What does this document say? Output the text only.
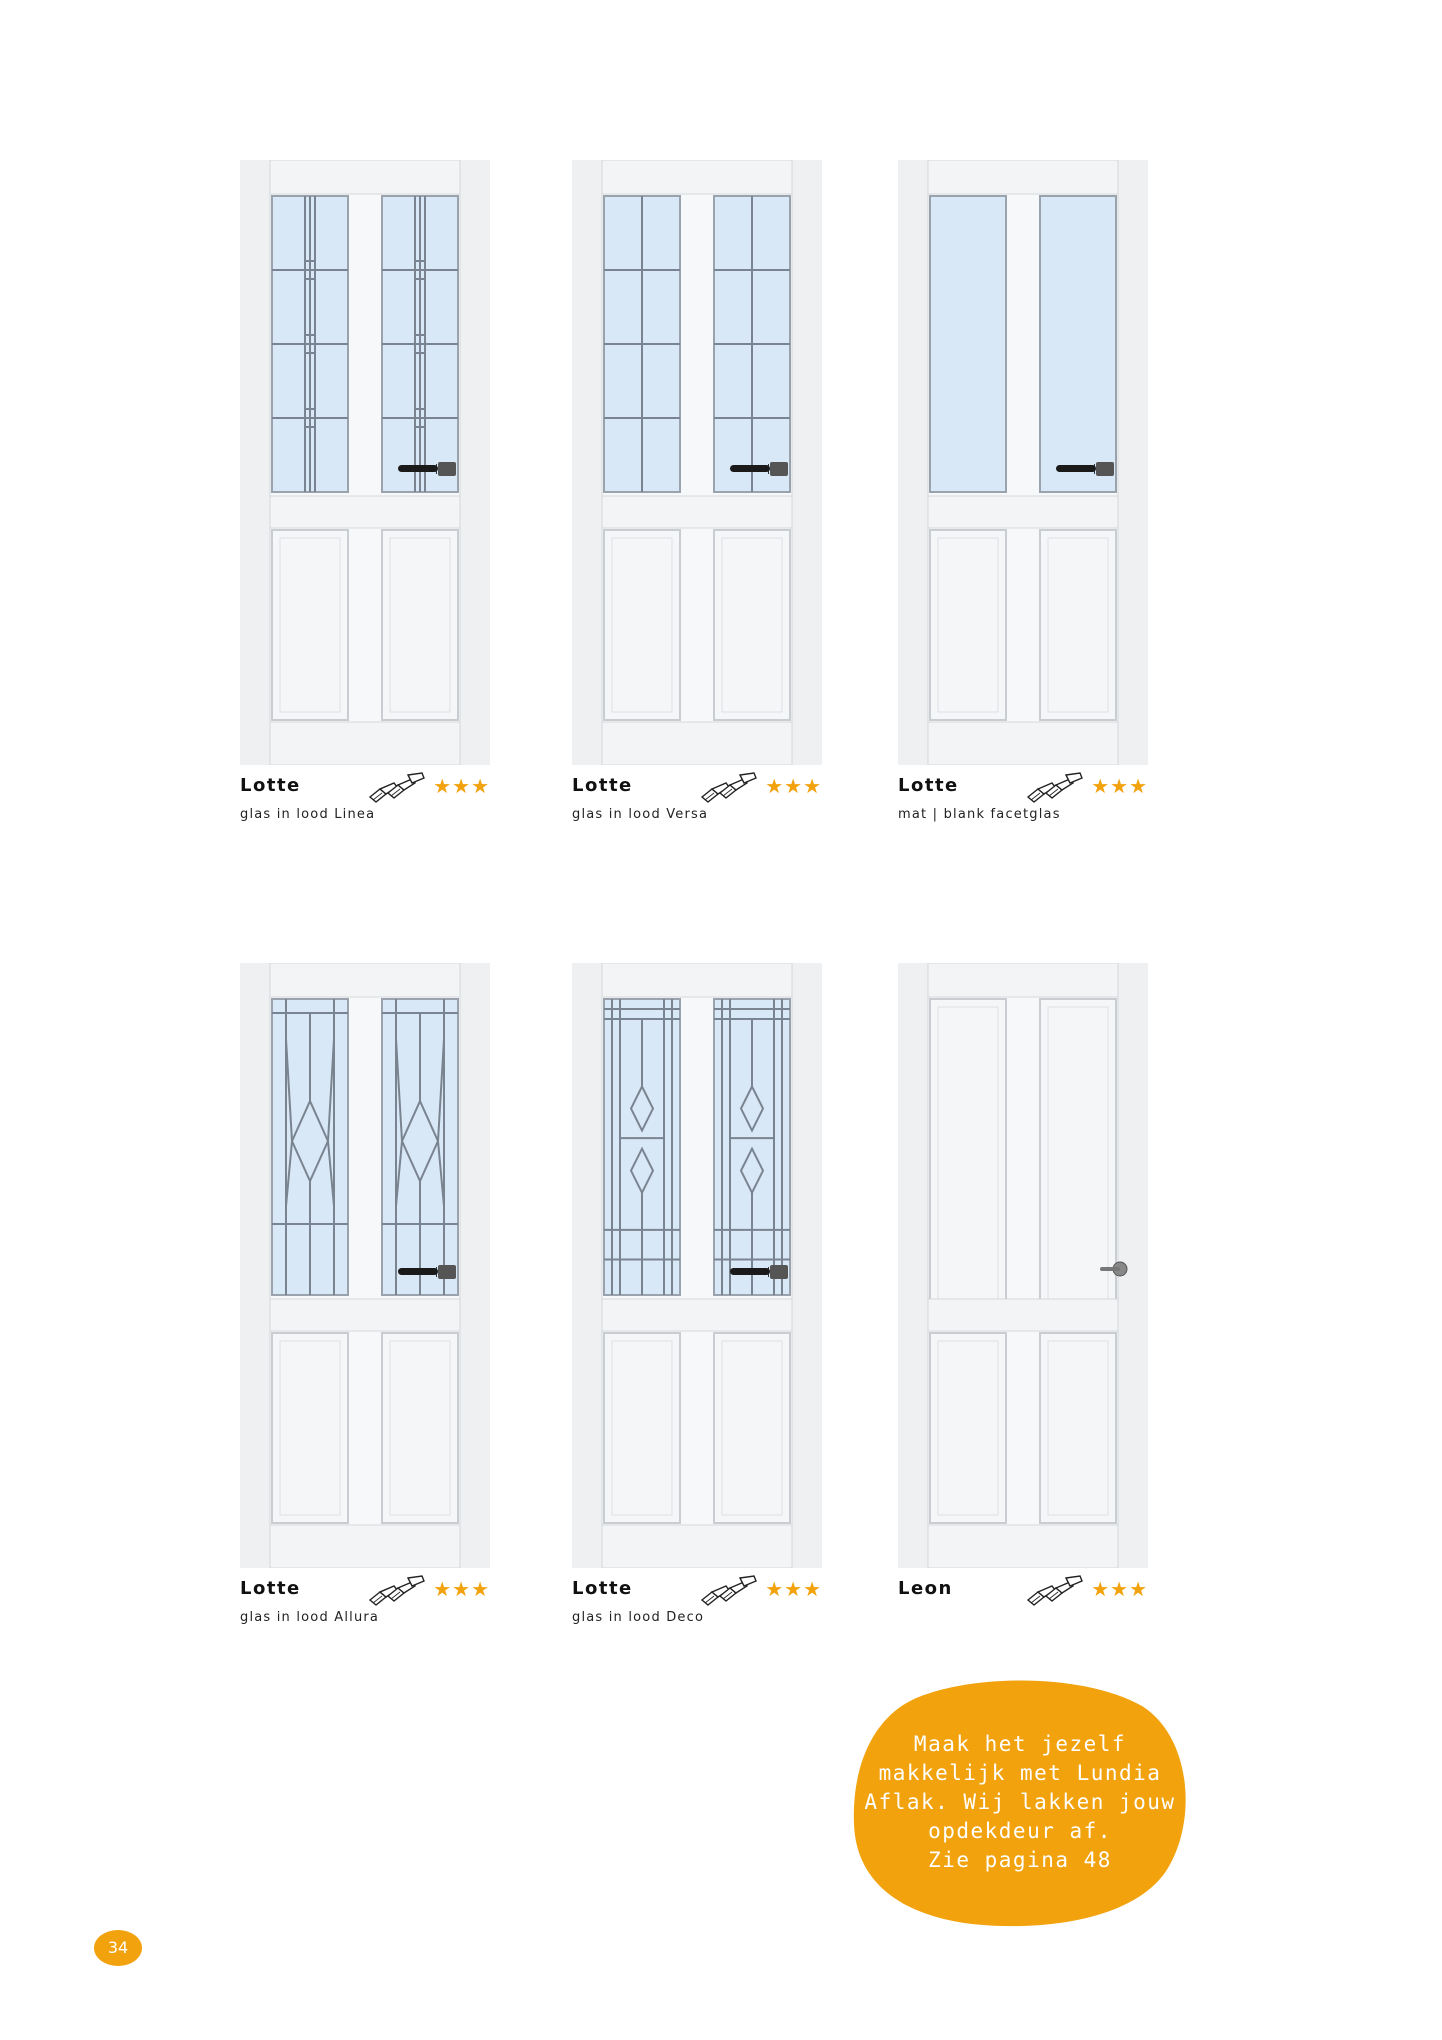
Lotte	★★★
glas in lood Linea
Lotte	★★★
glas in lood Versa
Lotte	★★★
mat | blank facetglas
Lotte	★★★
glas in lood Allura
Lotte	★★★
glas in lood Deco
Leon	★★★
Maak het jezelf
makkelijk met Lundia
Aflak. Wij lakken jouw
opdekdeur af.
Zie pagina 48
34
